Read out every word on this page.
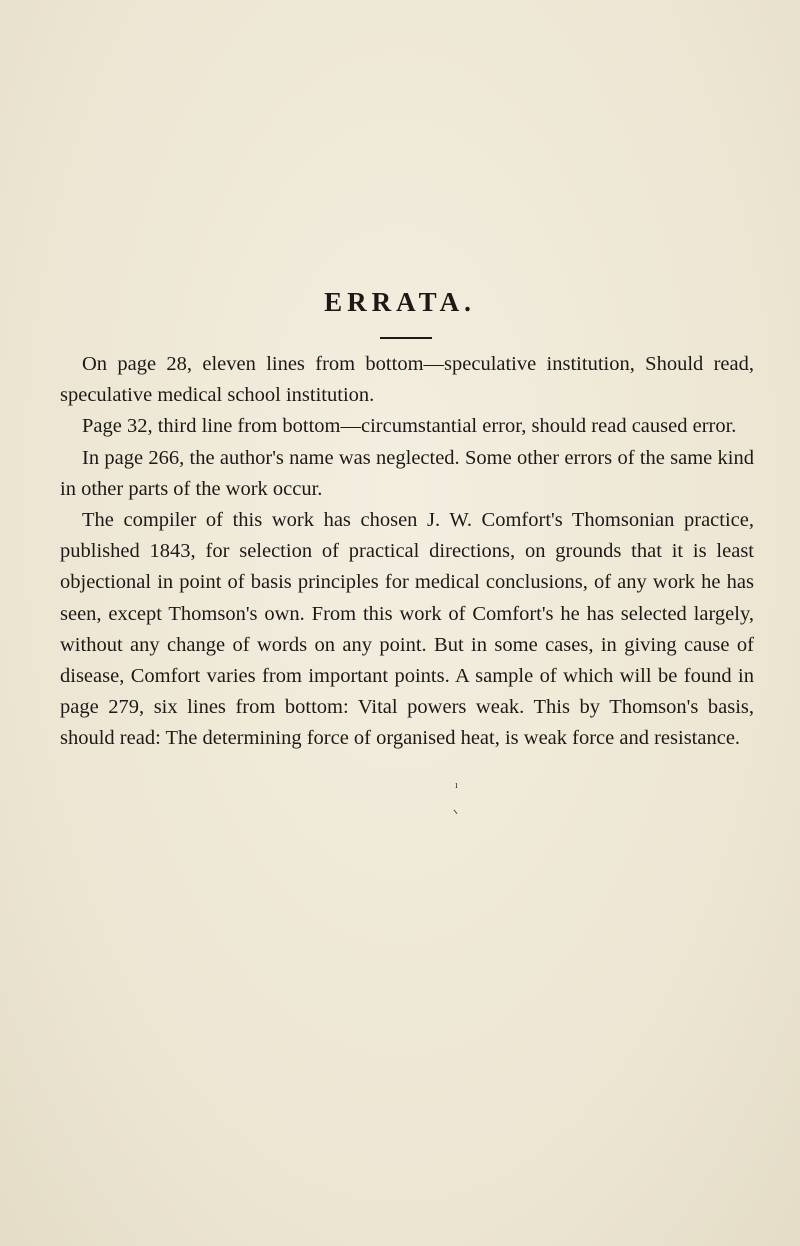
ERRATA.

On page 28, eleven lines from bottom—speculative institution, Should read, speculative medical school institution.

Page 32, third line from bottom—circumstantial error, should read caused error.

In page 266, the author's name was neglected. Some other errors of the same kind in other parts of the work occur.

The compiler of this work has chosen J. W. Comfort's Thomsonian practice, published 1843, for selection of practical directions, on grounds that it is least objectional in point of basis principles for medical conclusions, of any work he has seen, except Thomson's own. From this work of Comfort's he has selected largely, without any change of words on any point. But in some cases, in giving cause of disease, Comfort varies from important points. A sample of which will be found in page 279, six lines from bottom: Vital powers weak. This by Thomson's basis, should read: The determining force of organised heat, is weak force and resistance.

ı
ı
